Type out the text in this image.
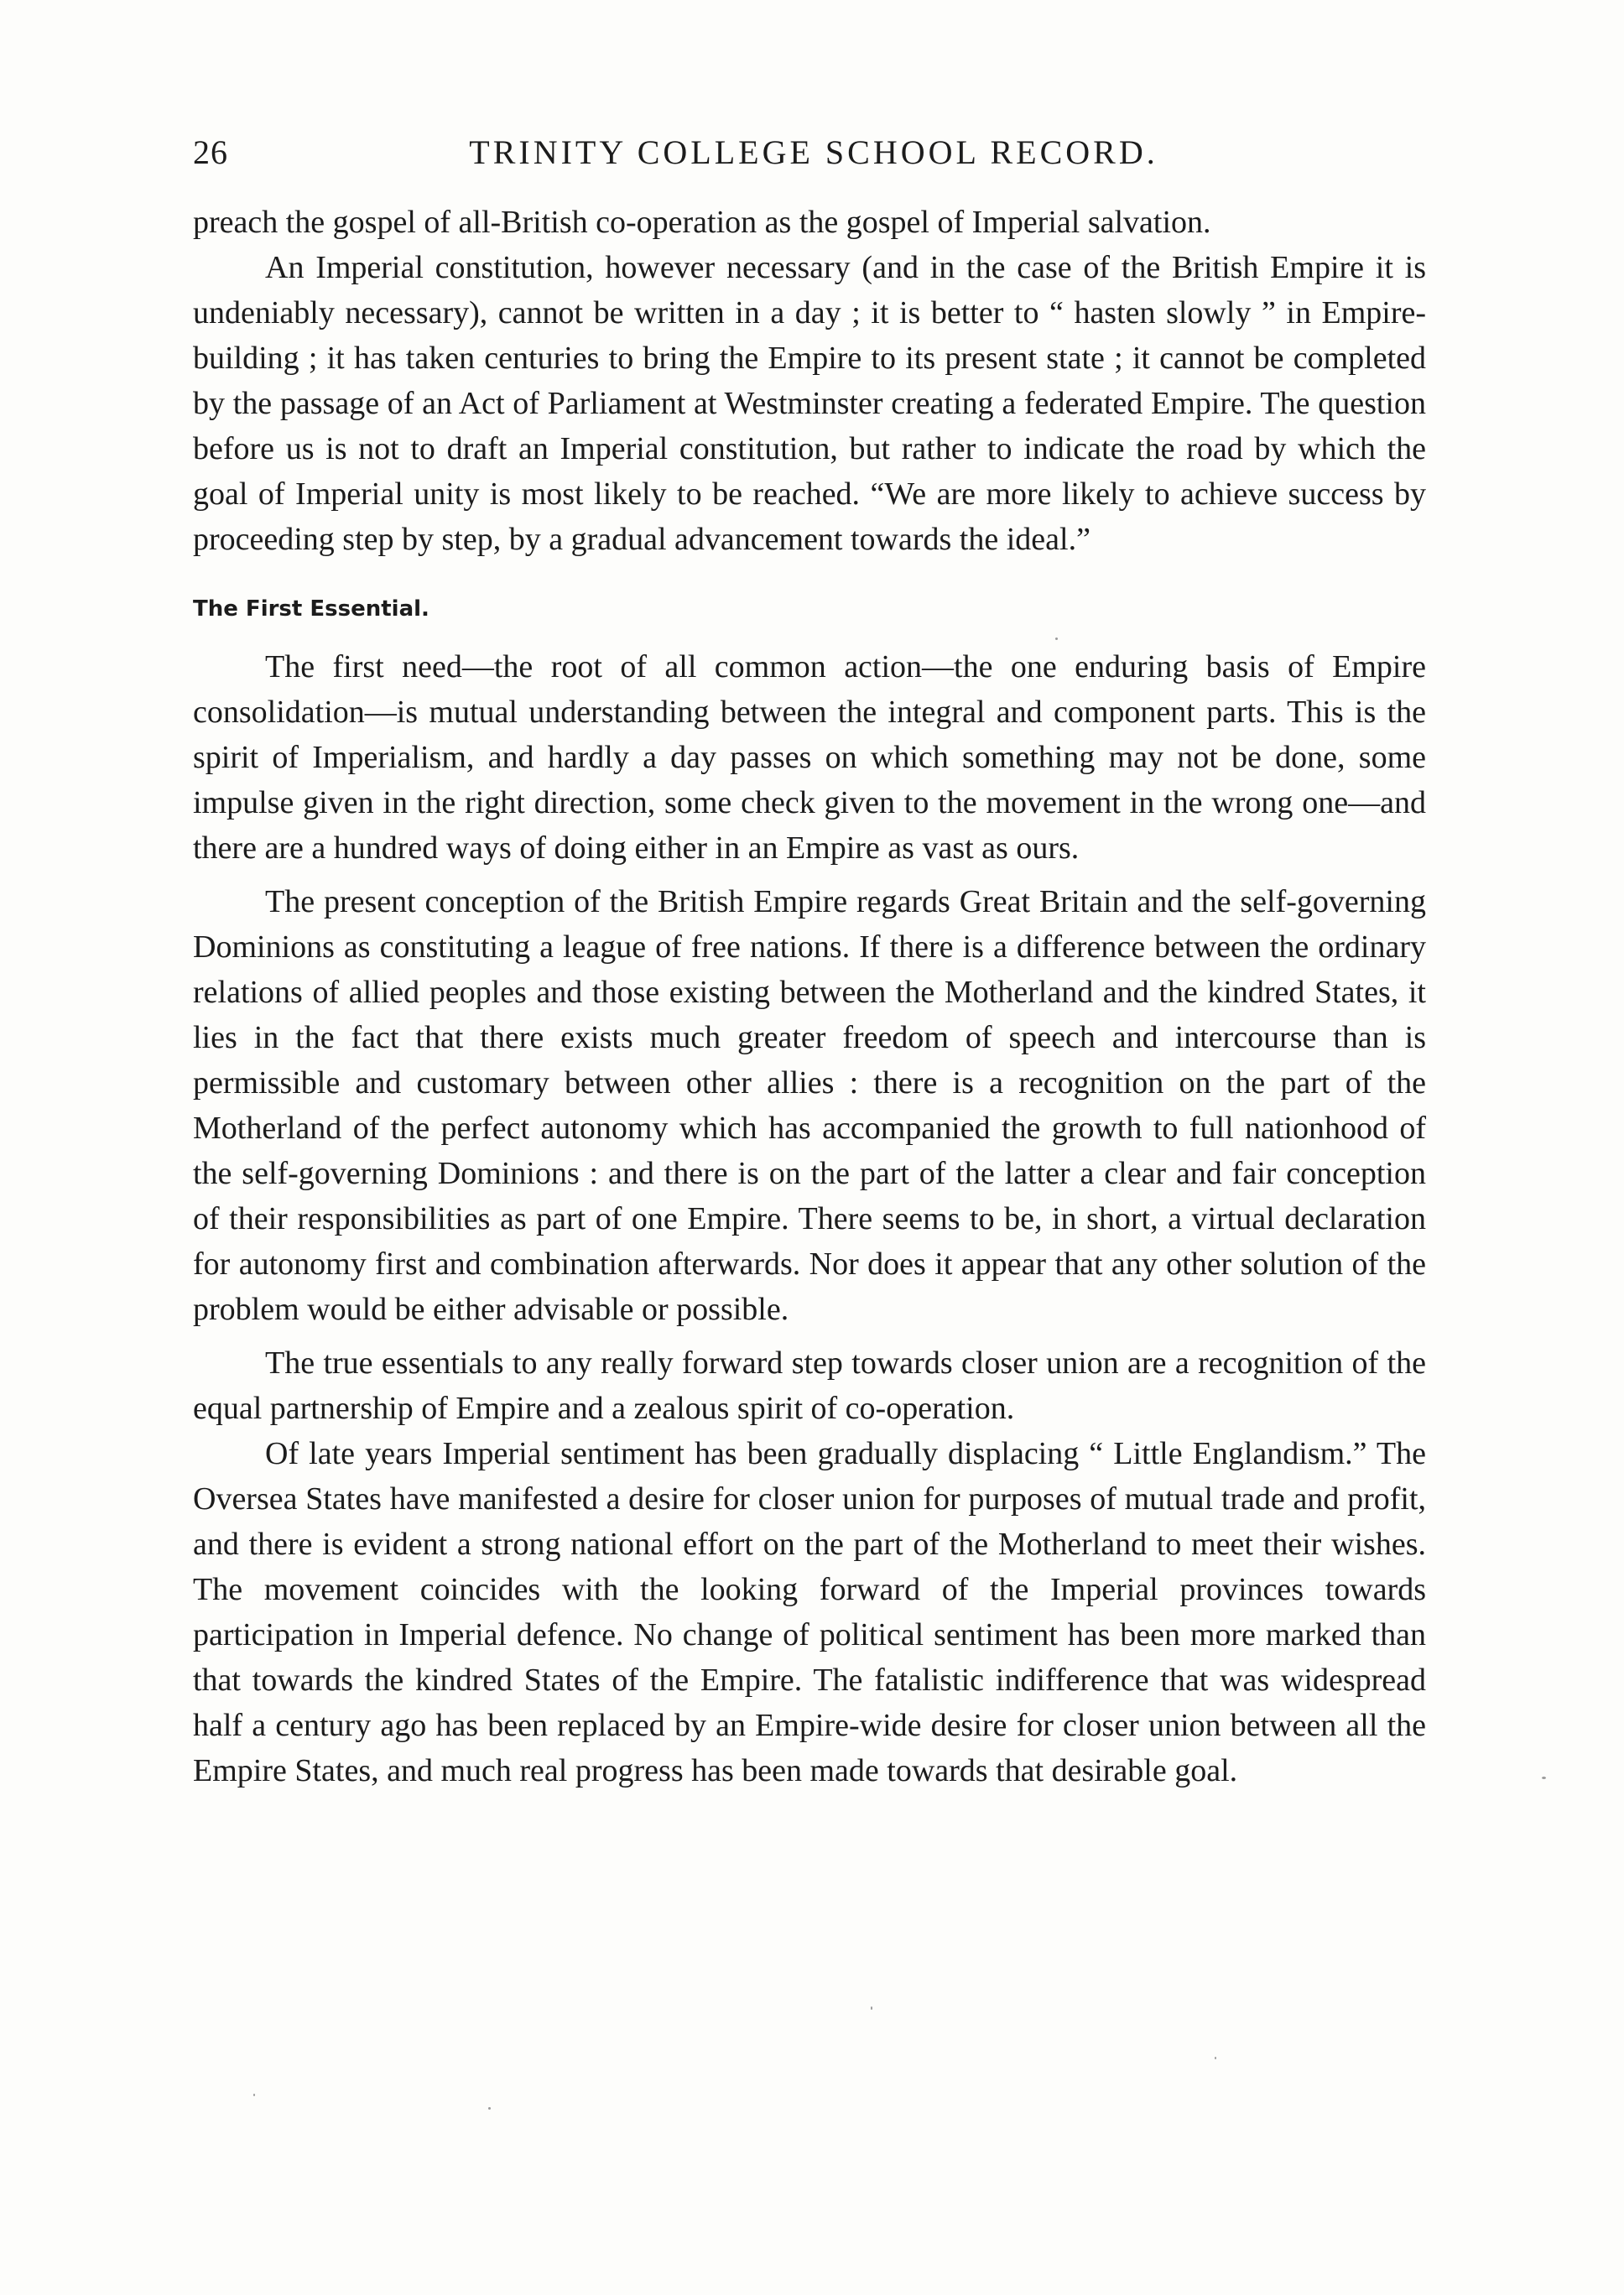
26	TRINITY COLLEGE SCHOOL RECORD.

preach the gospel of all-British co-operation as the gospel of Imperial salvation.

An Imperial constitution, however necessary (and in the case of the British Empire it is undeniably necessary), cannot be written in a day ; it is better to “ hasten slowly ” in Empire-building ; it has taken centuries to bring the Empire to its present state ; it cannot be completed by the passage of an Act of Parliament at Westminster creating a federated Empire. The question before us is not to draft an Imperial constitution, but rather to indicate the road by which the goal of Imperial unity is most likely to be reached. “We are more likely to achieve success by proceeding step by step, by a gradual advancement towards the ideal.”

The First Essential.

The first need—the root of all common action—the one enduring basis of Empire consolidation—is mutual understanding between the integral and component parts. This is the spirit of Imperialism, and hardly a day passes on which something may not be done, some impulse given in the right direction, some check given to the movement in the wrong one—and there are a hundred ways of doing either in an Empire as vast as ours.

The present conception of the British Empire regards Great Britain and the self-governing Dominions as constituting a league of free nations. If there is a difference between the ordinary relations of allied peoples and those existing between the Motherland and the kindred States, it lies in the fact that there exists much greater freedom of speech and intercourse than is permissible and customary between other allies : there is a recognition on the part of the Motherland of the perfect autonomy which has accompanied the growth to full nationhood of the self-governing Dominions : and there is on the part of the latter a clear and fair conception of their responsibilities as part of one Empire. There seems to be, in short, a virtual declaration for autonomy first and combination afterwards. Nor does it appear that any other solution of the problem would be either advisable or possible.

The true essentials to any really forward step towards closer union are a recognition of the equal partnership of Empire and a zealous spirit of co-operation.

Of late years Imperial sentiment has been gradually displacing “ Little Englandism.” The Oversea States have manifested a desire for closer union for purposes of mutual trade and profit, and there is evident a strong national effort on the part of the Motherland to meet their wishes. The movement coincides with the looking forward of the Imperial provinces towards participation in Imperial defence. No change of political sentiment has been more marked than that towards the kindred States of the Empire. The fatalistic indifference that was widespread half a century ago has been replaced by an Empire-wide desire for closer union between all the Empire States, and much real progress has been made towards that desirable goal.
